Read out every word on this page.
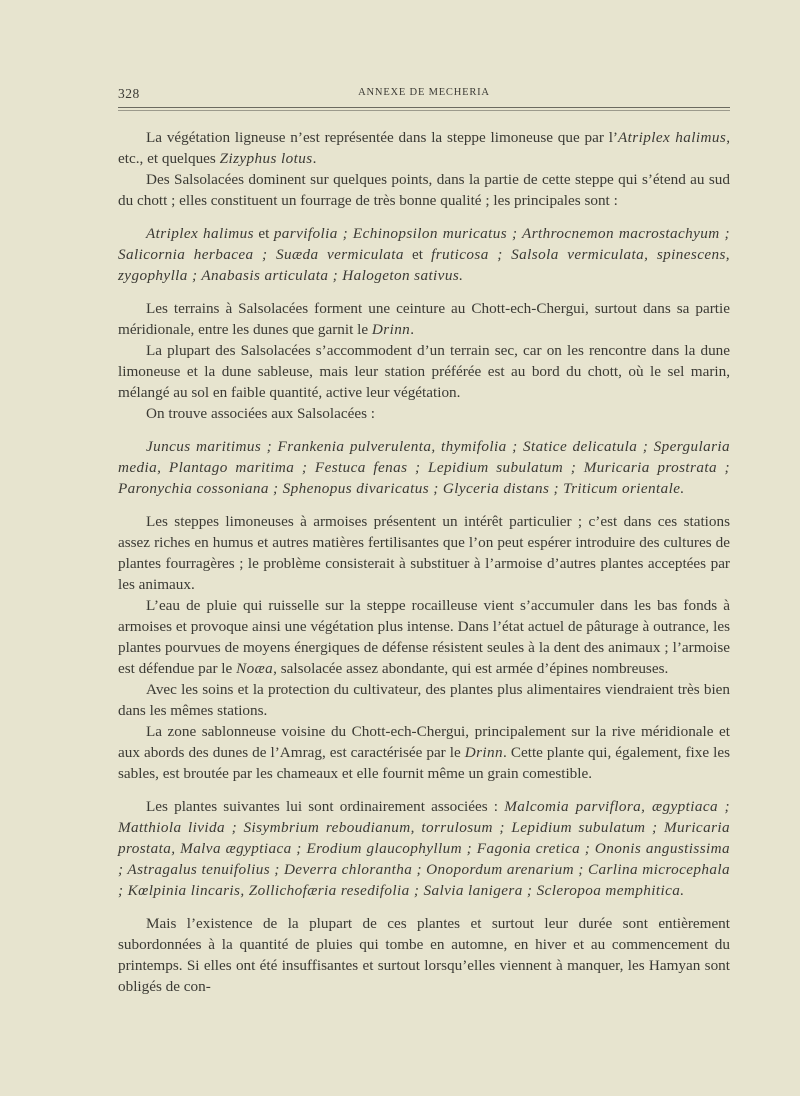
328	ANNEXE DE MECHERIA

La végétation ligneuse n’est représentée dans la steppe limoneuse que par l’Atriplex halimus, etc., et quelques Zizyphus lotus.

Des Salsolacées dominent sur quelques points, dans la partie de cette steppe qui s’étend au sud du chott ; elles constituent un fourrage de très bonne qualité ; les principales sont :

Atriplex halimus et parvifolia ; Echinopsilon muricatus ; Arthrocnemon macrostachyum ; Salicornia herbacea ; Suæda vermiculata et fruticosa ; Salsola vermiculata, spinescens, zygophylla ; Anabasis articulata ; Halogeton sativus.

Les terrains à Salsolacées forment une ceinture au Chott-ech-Chergui, surtout dans sa partie méridionale, entre les dunes que garnit le Drinn.

La plupart des Salsolacées s’accommodent d’un terrain sec, car on les rencontre dans la dune limoneuse et la dune sableuse, mais leur station préférée est au bord du chott, où le sel marin, mélangé au sol en faible quantité, active leur végétation.

On trouve associées aux Salsolacées :

Juncus maritimus ; Frankenia pulverulenta, thymifolia ; Statice delicatula ; Spergularia media, Plantago maritima ; Festuca fenas ; Lepidium subulatum ; Muricaria prostrata ; Paronychia cossoniana ; Sphenopus divaricatus ; Glyceria distans ; Triticum orientale.

Les steppes limoneuses à armoises présentent un intérêt particulier ; c’est dans ces stations assez riches en humus et autres matières fertilisantes que l’on peut espérer introduire des cultures de plantes fourragères ; le problème consisterait à substituer à l’armoise d’autres plantes acceptées par les animaux.

L’eau de pluie qui ruisselle sur la steppe rocailleuse vient s’accumuler dans les bas fonds à armoises et provoque ainsi une végétation plus intense. Dans l’état actuel de pâturage à outrance, les plantes pourvues de moyens énergiques de défense résistent seules à la dent des animaux ; l’armoise est défendue par le Noæa, salsolacée assez abondante, qui est armée d’épines nombreuses.

Avec les soins et la protection du cultivateur, des plantes plus alimentaires viendraient très bien dans les mêmes stations.

La zone sablonneuse voisine du Chott-ech-Chergui, principalement sur la rive méridionale et aux abords des dunes de l’Amrag, est caractérisée par le Drinn. Cette plante qui, également, fixe les sables, est broutée par les chameaux et elle fournit même un grain comestible.

Les plantes suivantes lui sont ordinairement associées : Malcomia parviflora, ægyptiaca ; Matthiola livida ; Sisymbrium reboudianum, torrulosum ; Lepidium subulatum ; Muricaria prostata, Malva ægyptiaca ; Erodium glaucophyllum ; Fagonia cretica ; Ononis angustissima ; Astragalus tenuifolius ; Deverra chlorantha ; Onopordum arenarium ; Carlina microcephala ; Kœlpinia lincaris, Zollichofæria resedifolia ; Salvia lanigera ; Scleropoa memphitica.

Mais l’existence de la plupart de ces plantes et surtout leur durée sont entièrement subordonnées à la quantité de pluies qui tombe en automne, en hiver et au commencement du printemps. Si elles ont été insuffisantes et surtout lorsqu’elles viennent à manquer, les Hamyan sont obligés de con-
